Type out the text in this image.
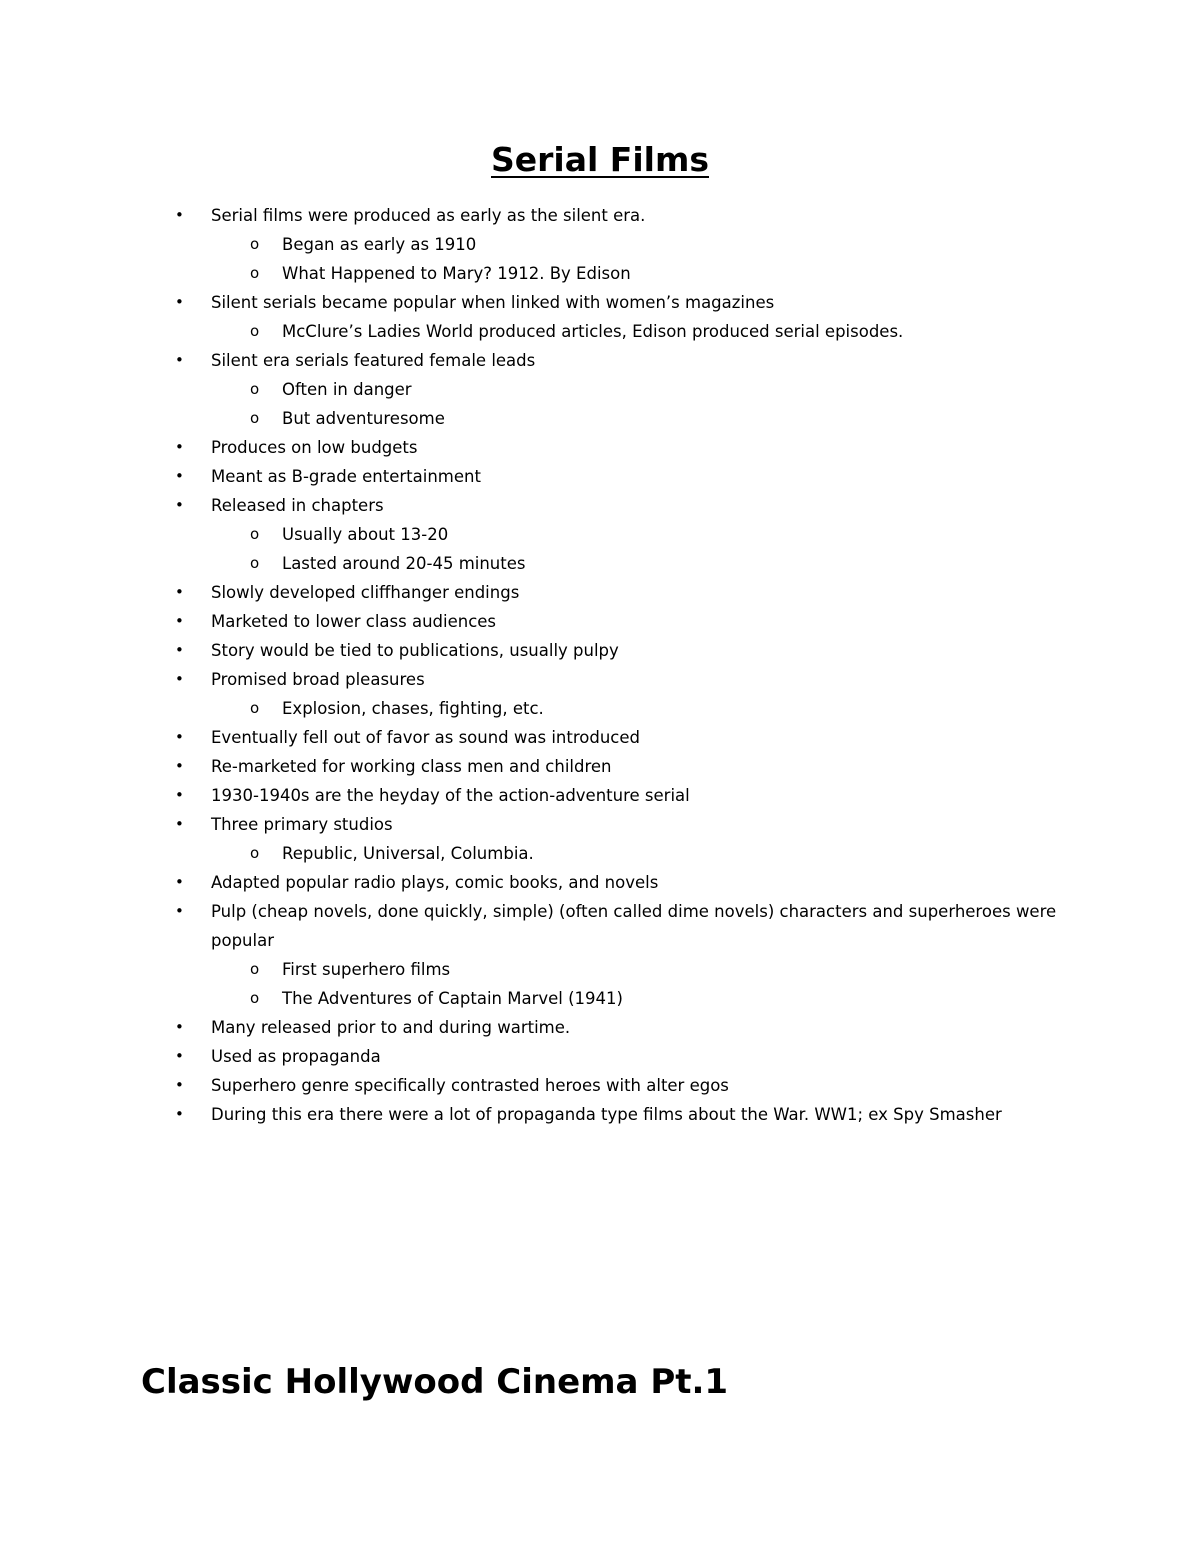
Serial Films
• Serial films were produced as early as the silent era.
o Began as early as 1910
o What Happened to Mary? 1912. By Edison
• Silent serials became popular when linked with women’s magazines
o McClure’s Ladies World produced articles, Edison produced serial episodes.
• Silent era serials featured female leads
o Often in danger
o But adventuresome
• Produces on low budgets
• Meant as B-grade entertainment
• Released in chapters
o Usually about 13-20
o Lasted around 20-45 minutes
• Slowly developed cliffhanger endings
• Marketed to lower class audiences
• Story would be tied to publications, usually pulpy
• Promised broad pleasures
o Explosion, chases, fighting, etc.
• Eventually fell out of favor as sound was introduced
• Re-marketed for working class men and children
• 1930-1940s are the heyday of the action-adventure serial
• Three primary studios
o Republic, Universal, Columbia.
• Adapted popular radio plays, comic books, and novels
• Pulp (cheap novels, done quickly, simple) (often called dime novels) characters and superheroes were popular
o First superhero films
o The Adventures of Captain Marvel (1941)
• Many released prior to and during wartime.
• Used as propaganda
• Superhero genre specifically contrasted heroes with alter egos
• During this era there were a lot of propaganda type films about the War. WW1; ex Spy Smasher
Classic Hollywood Cinema Pt.1
